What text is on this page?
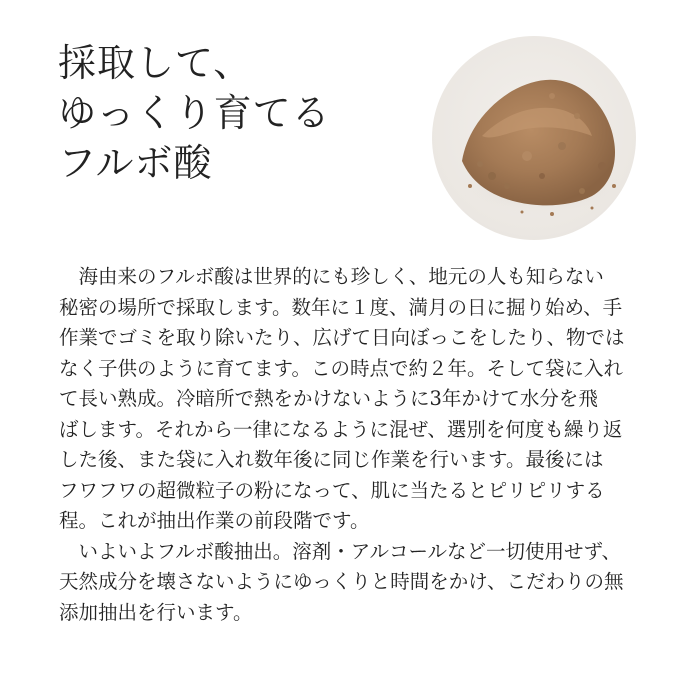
採取して、
ゆっくり育てる
フルボ酸
　海由来のフルボ酸は世界的にも珍しく、地元の人も知らない
秘密の場所で採取します。数年に１度、満月の日に掘り始め、手
作業でゴミを取り除いたり、広げて日向ぼっこをしたり、物では
なく子供のように育てます。この時点で約２年。そして袋に入れ
て長い熟成。冷暗所で熱をかけないように3年かけて水分を飛
ばします。それから一律になるように混ぜ、選別を何度も繰り返
した後、また袋に入れ数年後に同じ作業を行います。最後には
フワフワの超微粒子の粉になって、肌に当たるとピリピリする
程。これが抽出作業の前段階です。
　いよいよフルボ酸抽出。溶剤・アルコールなど一切使用せず、
天然成分を壊さないようにゆっくりと時間をかけ、こだわりの無
添加抽出を行います。
